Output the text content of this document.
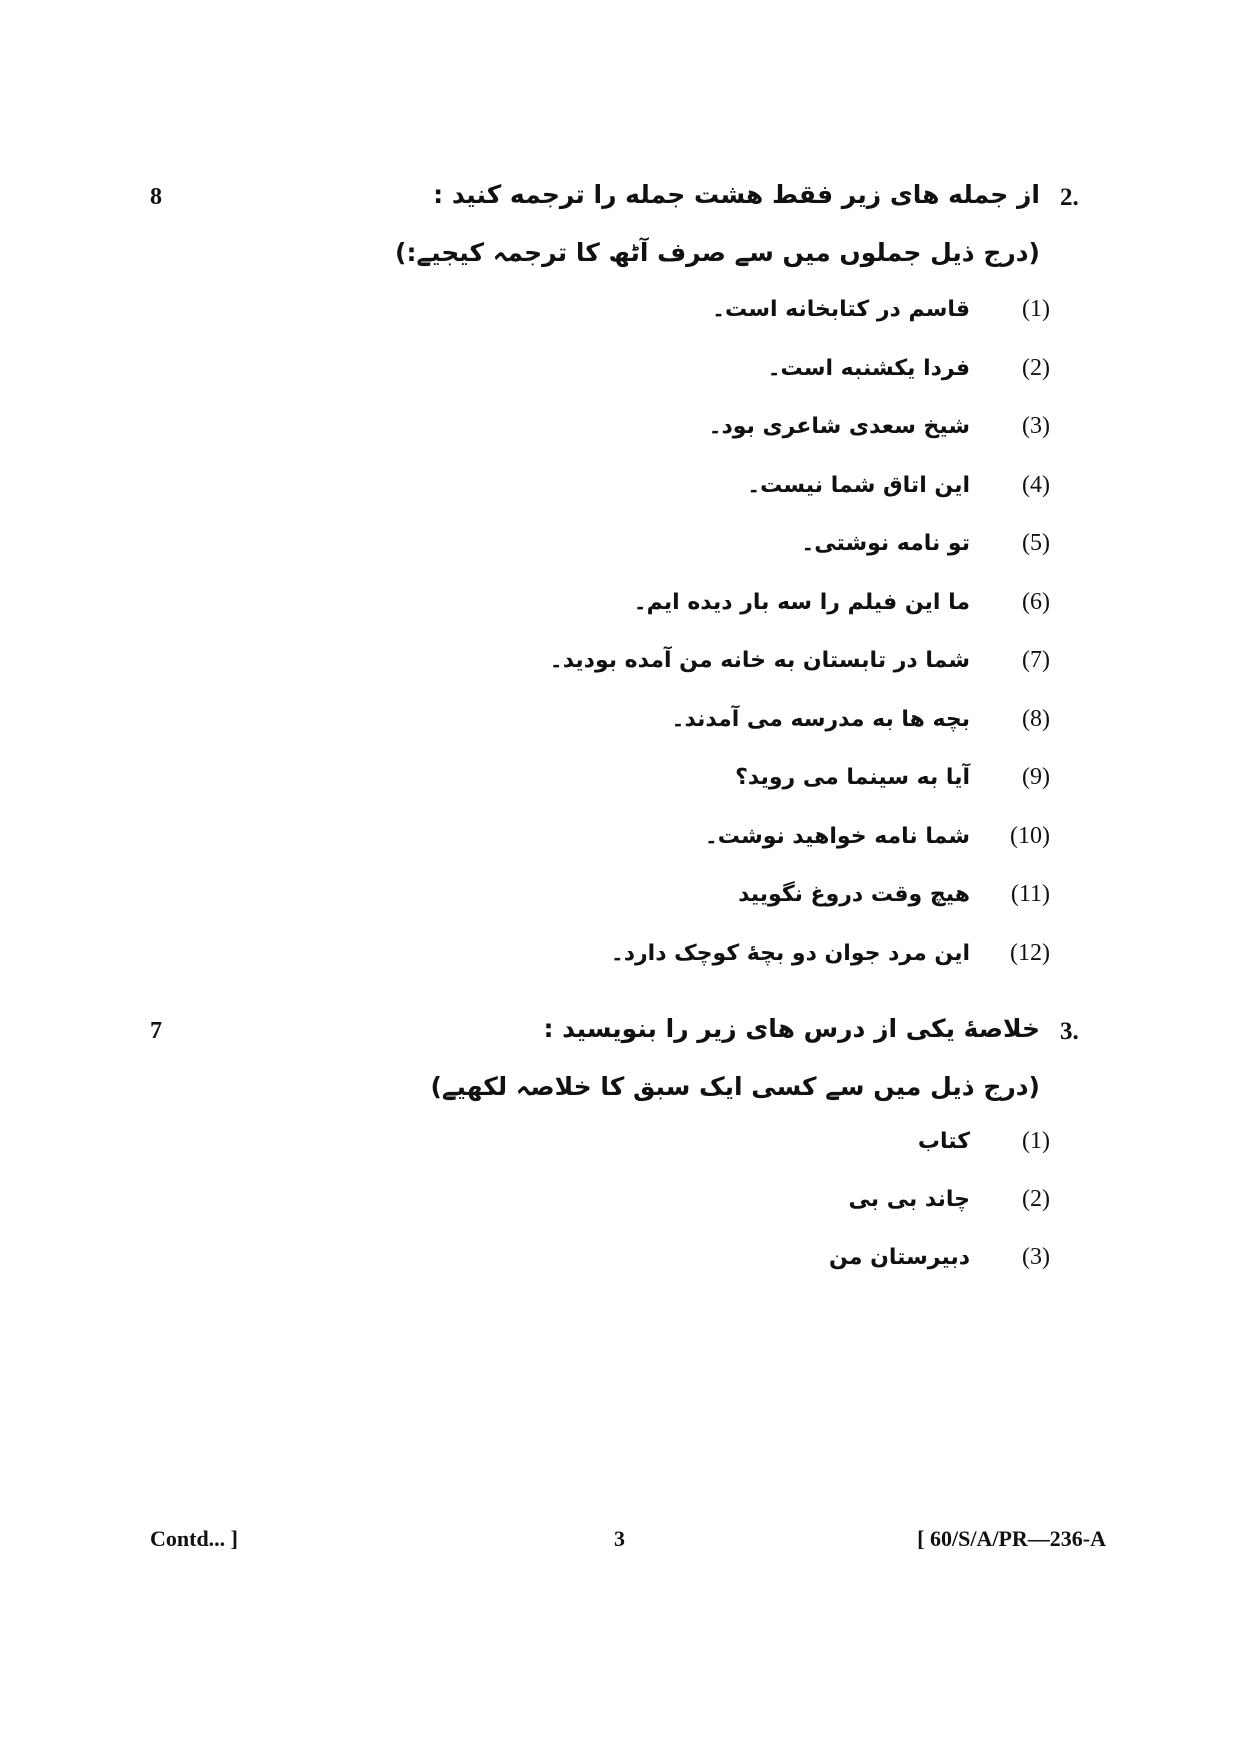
8	.2
از جمله های زیر فقط هشت جمله را ترجمه کنید :
(درج ذیل جملوں میں سے صرف آٹھ کا ترجمہ کیجیے:)
(1)
قاسم در کتابخانه است۔
(2)
فردا یکشنبه است۔
(3)
شیخ سعدی شاعری بود۔
(4)
این اتاق شما نیست۔
(5)
تو نامه نوشتی۔
(6)
ما این فیلم را سه بار دیده ایم۔
(7)
شما در تابستان به خانه من آمده بودید۔
(8)
بچه ها به مدرسه می آمدند۔
(9)
آیا به سینما می روید؟
(10)
شما نامه خواهید نوشت۔
(11)
هیچ وقت دروغ نگویید
(12)
این مرد جوان دو بچهٔ کوچک دارد۔
7	.3
خلاصهٔ یکی از درس های زیر را بنویسید :
(درج ذیل میں سے کسی ایک سبق کا خلاصہ لکھیے)
(1)
کتاب
(2)
چاند بی بی
(3)
دبیرستان من
Contd... ]	3	[ 60/S/A/PR—236-A
